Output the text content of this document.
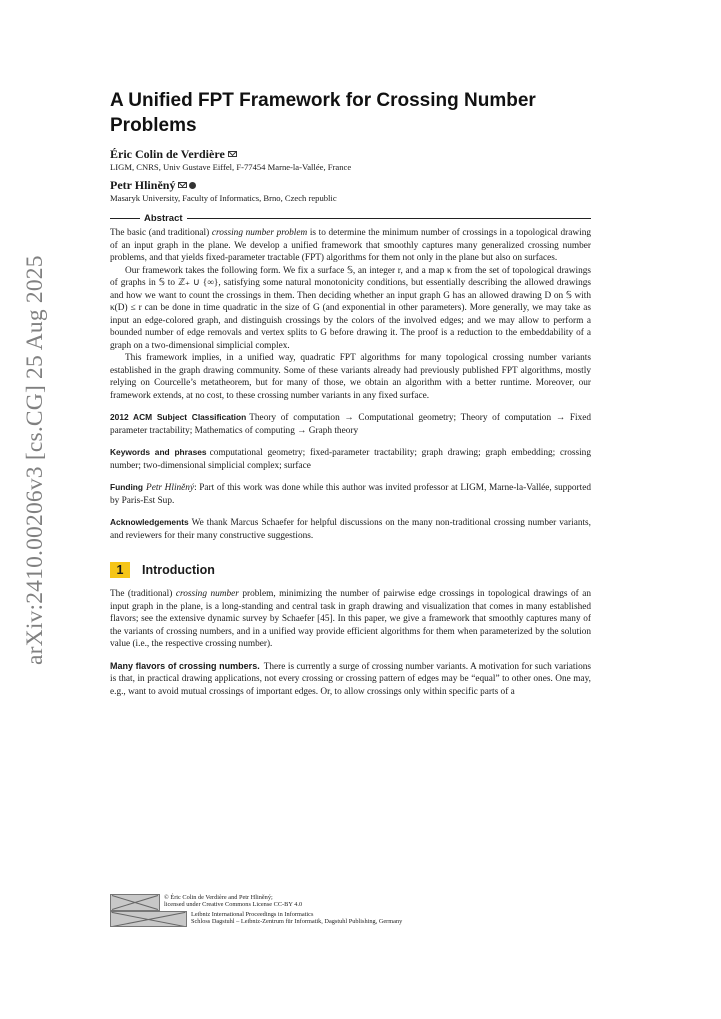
arXiv:2410.00206v3 [cs.CG] 25 Aug 2025
A Unified FPT Framework for Crossing Number Problems

Éric Colin de Verdière

LIGM, CNRS, Univ Gustave Eiffel, F-77454 Marne-la-Vallée, France

Petr Hliněný

Masaryk University, Faculty of Informatics, Brno, Czech republic

Abstract

The basic (and traditional) crossing number problem is to determine the minimum number of crossings in a topological drawing of an input graph in the plane. We develop a unified framework that smoothly captures many generalized crossing number problems, and that yields fixed-parameter tractable (FPT) algorithms for them not only in the plane but also on surfaces.

Our framework takes the following form. We fix a surface 𝕊, an integer r, and a map κ from the set of topological drawings of graphs in 𝕊 to ℤ₊ ∪ {∞}, satisfying some natural monotonicity conditions, but essentially describing the allowed drawings and how we want to count the crossings in them. Then deciding whether an input graph G has an allowed drawing D on 𝕊 with κ(D) ≤ r can be done in time quadratic in the size of G (and exponential in other parameters). More generally, we may take as input an edge-colored graph, and distinguish crossings by the colors of the involved edges; and we may allow to perform a bounded number of edge removals and vertex splits to G before drawing it. The proof is a reduction to the embeddability of a graph on a two-dimensional simplicial complex.

This framework implies, in a unified way, quadratic FPT algorithms for many topological crossing number variants established in the graph drawing community. Some of these variants already had previously published FPT algorithms, mostly relying on Courcelle’s metatheorem, but for many of those, we obtain an algorithm with a better runtime. Moreover, our framework extends, at no cost, to these crossing number variants in any fixed surface.

2012 ACM Subject Classification Theory of computation → Computational geometry; Theory of computation → Fixed parameter tractability; Mathematics of computing → Graph theory

Keywords and phrases computational geometry; fixed-parameter tractability; graph drawing; graph embedding; crossing number; two-dimensional simplicial complex; surface

Funding Petr Hliněný: Part of this work was done while this author was invited professor at LIGM, Marne-la-Vallée, supported by Paris-Est Sup.

Acknowledgements We thank Marcus Schaefer for helpful discussions on the many non-traditional crossing number variants, and reviewers for their many constructive suggestions.

1	Introduction

The (traditional) crossing number problem, minimizing the number of pairwise edge crossings in topological drawings of an input graph in the plane, is a long-standing and central task in graph drawing and visualization that comes in many established flavors; see the extensive dynamic survey by Schaefer [45]. In this paper, we give a framework that smoothly captures many of the variants of crossing numbers, and in a unified way provide efficient algorithms for them when parameterized by the solution value (i.e., the respective crossing number).

Many flavors of crossing numbers. There is currently a surge of crossing number variants. A motivation for such variations is that, in practical drawing applications, not every crossing or crossing pattern of edges may be “equal” to other ones. One may, e.g., want to avoid mutual crossings of important edges. Or, to allow crossings only within specific parts of a

© Éric Colin de Verdière and Petr Hliněný;
licensed under Creative Commons License CC-BY 4.0
Leibniz International Proceedings in Informatics
Schloss Dagstuhl – Leibniz-Zentrum für Informatik, Dagstuhl Publishing, Germany
